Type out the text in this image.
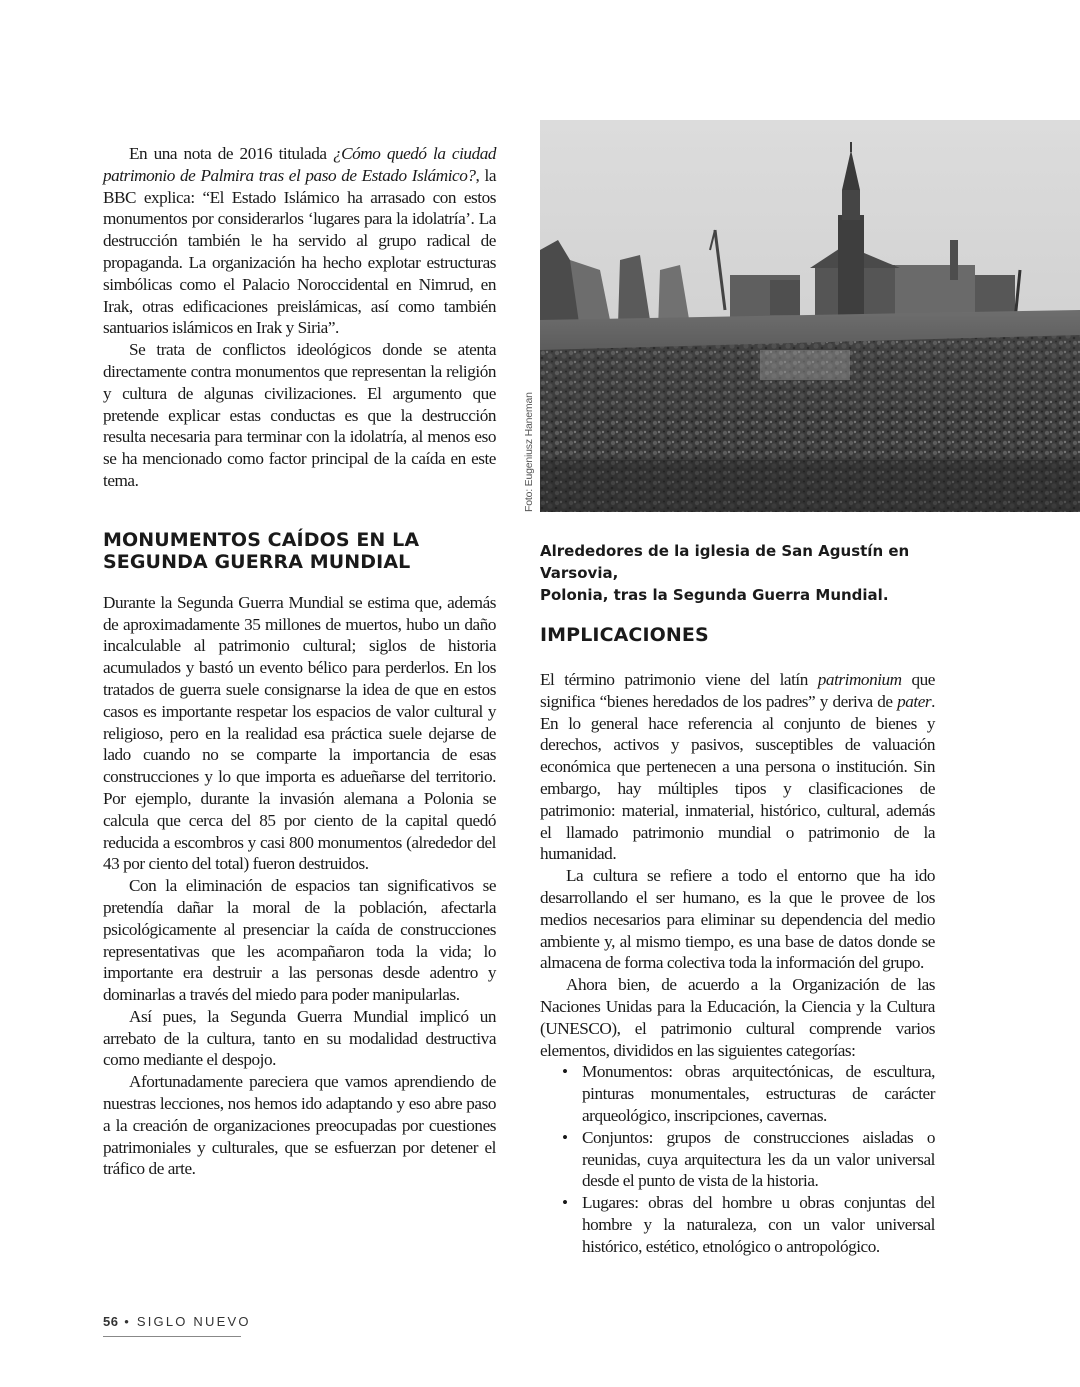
En una nota de 2016 titulada ¿Cómo quedó la ciudad patrimonio de Palmira tras el paso de Estado Islámico?, la BBC explica: “El Estado Islámico ha arrasado con estos monumentos por considerarlos ‘lugares para la idolatría’. La destrucción también le ha servido al grupo radical de propaganda. La organización ha hecho explotar estructuras simbólicas como el Palacio Noroccidental en Nimrud, en Irak, otras edificaciones preislámicas, así como también santuarios islámicos en Irak y Siria”.

Se trata de conflictos ideológicos donde se atenta directamente contra monumentos que representan la religión y cultura de algunas civilizaciones. El argumento que pretende explicar estas conductas es que la destrucción resulta necesaria para terminar con la idolatría, al menos eso se ha mencionado como factor principal de la caída en este tema.

MONUMENTOS CAÍDOS EN LA
SEGUNDA GUERRA MUNDIAL

Durante la Segunda Guerra Mundial se estima que, además de aproximadamente 35 millones de muertos, hubo un daño incalculable al patrimonio cultural; siglos de historia acumulados y bastó un evento bélico para perderlos. En los tratados de guerra suele consignarse la idea de que en estos casos es importante respetar los espacios de valor cultural y religioso, pero en la realidad esa práctica suele dejarse de lado cuando no se comparte la importancia de esas construcciones y lo que importa es adueñarse del territorio. Por ejemplo, durante la invasión alemana a Polonia se calcula que cerca del 85 por ciento de la capital quedó reducida a escombros y casi 800 monumentos (alrededor del 43 por ciento del total) fueron destruidos.

Con la eliminación de espacios tan significativos se pretendía dañar la moral de la población, afectarla psicológicamente al presenciar la caída de construcciones representativas que les acompañaron toda la vida; lo importante era destruir a las personas desde adentro y dominarlas a través del miedo para poder manipularlas.

Así pues, la Segunda Guerra Mundial implicó un arrebato de la cultura, tanto en su modalidad destructiva como mediante el despojo.

Afortunadamente pareciera que vamos aprendiendo de nuestras lecciones, nos hemos ido adaptando y eso abre paso a la creación de organizaciones preocupadas por cuestiones patrimoniales y culturales, que se esfuerzan por detener el tráfico de arte.

Foto: Eugeniusz Haneman

Alrededores de la iglesia de San Agustín en Varsovia,
Polonia, tras la Segunda Guerra Mundial.

IMPLICACIONES

El término patrimonio viene del latín patrimonium que significa “bienes heredados de los padres” y deriva de pater. En lo general hace referencia al conjunto de bienes y derechos, activos y pasivos, susceptibles de valuación económica que pertenecen a una persona o institución. Sin embargo, hay múltiples tipos y clasificaciones de patrimonio: material, inmaterial, histórico, cultural, además el llamado patrimonio mundial o patrimonio de la humanidad.

La cultura se refiere a todo el entorno que ha ido desarrollando el ser humano, es la que le provee de los medios necesarios para eliminar su dependencia del medio ambiente y, al mismo tiempo, es una base de datos donde se almacena de forma colectiva toda la información del grupo.

Ahora bien, de acuerdo a la Organización de las Naciones Unidas para la Educación, la Ciencia y la Cultura (UNESCO), el patrimonio cultural comprende varios elementos, divididos en las siguientes categorías:

• Monumentos: obras arquitectónicas, de escultura, pinturas monumentales, estructuras de carácter arqueológico, inscripciones, cavernas.
• Conjuntos: grupos de construcciones aisladas o reunidas, cuya arquitectura les da un valor universal desde el punto de vista de la historia.
• Lugares: obras del hombre u obras conjuntas del hombre y la naturaleza, con un valor universal histórico, estético, etnológico o antropológico.
56 • SIGLO NUEVO
